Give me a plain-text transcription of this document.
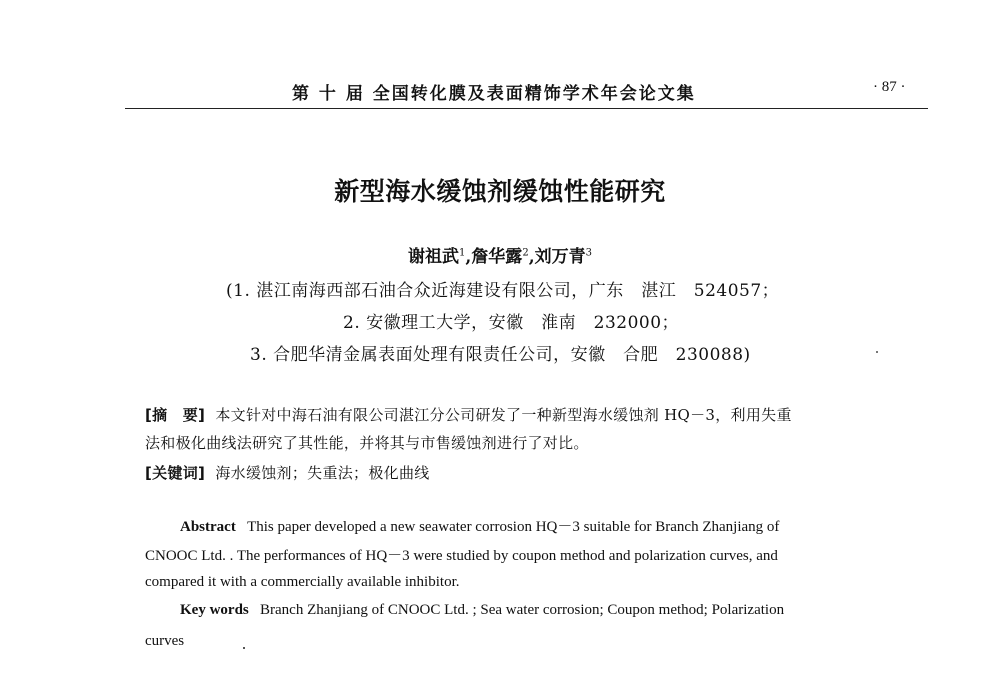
第 十 届 全国转化膜及表面精饰学术年会论文集	· 87 ·
新型海水缓蚀剂缓蚀性能研究
谢祖武$^1$,詹华露$^2$,刘万青$^3$
(1. 湛江南海西部石油合众近海建设有限公司，广东　湛江　524057；
2. 安徽理工大学，安徽　淮南　232000；
3. 合肥华清金属表面处理有限责任公司，安徽　合肥　230088)
[摘　要] 本文针对中海石油有限公司湛江分公司研发了一种新型海水缓蚀剂 HQ－3，利用失重
法和极化曲线法研究了其性能，并将其与市售缓蚀剂进行了对比。
[关键词] 海水缓蚀剂；失重法；极化曲线
Abstract This paper developed a new seawater corrosion HQ－3 suitable for Branch Zhanjiang of
CNOOC Ltd. . The performances of HQ－3 were studied by coupon method and polarization curves, and
compared it with a commercially available inhibitor.
Key words Branch Zhanjiang of CNOOC Ltd. ; Sea water corrosion; Coupon method; Polarization
curves
